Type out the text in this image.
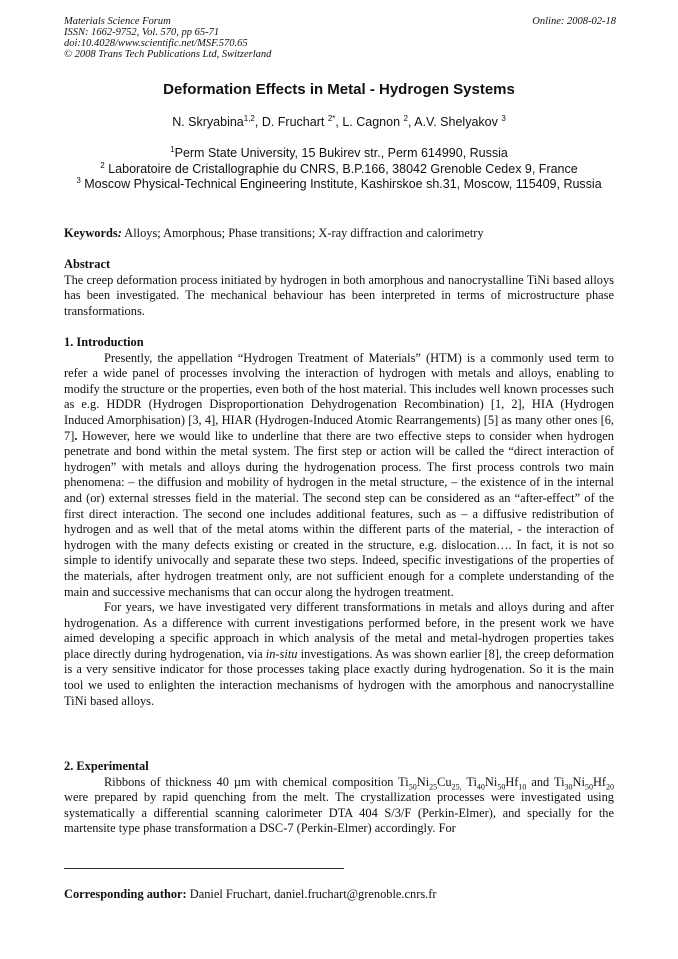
Materials Science Forum
ISSN: 1662-9752, Vol. 570, pp 65-71
doi:10.4028/www.scientific.net/MSF.570.65
© 2008 Trans Tech Publications Ltd, Switzerland
Online: 2008-02-18
Deformation Effects in Metal - Hydrogen Systems
N. Skryabina$^{1,2}$, D. Fruchart $^{2*}$, L. Cagnon $^2$, A.V. Shelyakov $^3$
$^1$Perm State University, 15 Bukirev str., Perm 614990, Russia
$^2$ Laboratoire de Cristallographie du CNRS, B.P.166, 38042 Grenoble Cedex 9, France
$^3$ Moscow Physical-Technical Engineering Institute, Kashirskoe sh.31, Moscow, 115409, Russia
Keywords: Alloys; Amorphous; Phase transitions; X-ray diffraction and calorimetry
Abstract

The creep deformation process initiated by hydrogen in both amorphous and nanocrystalline TiNi based alloys has been investigated. The mechanical behaviour has been interpreted in terms of microstructure phase transformations.

1. Introduction

Presently, the appellation “Hydrogen Treatment of Materials” (HTM) is a commonly used term to refer a wide panel of processes involving the interaction of hydrogen with metals and alloys, enabling to modify the structure or the properties, even both of the host material. This includes well known processes such as e.g. HDDR (Hydrogen Disproportionation Dehydrogenation Recombination) [1, 2], HIA (Hydrogen Induced Amorphisation) [3, 4], HIAR (Hydrogen-Induced Atomic Rearrangements) [5] as many other ones [6, 7]. However, here we would like to underline that there are two effective steps to consider when hydrogen penetrate and bond within the metal system. The first step or action will be called the “direct interaction of hydrogen” with metals and alloys during the hydrogenation process. The first process controls two main phenomena: – the diffusion and mobility of hydrogen in the metal structure, – the existence of in the internal and (or) external stresses field in the material. The second step can be considered as an “after-effect” of the first direct interaction. The second one includes additional features, such as – a diffusive redistribution of hydrogen and as well that of the metal atoms within the different parts of the material, - the interaction of hydrogen with the many defects existing or created in the structure, e.g. dislocation…. In fact, it is not so simple to identify univocally and separate these two steps. Indeed, specific investigations of the properties of the materials, after hydrogen treatment only, are not sufficient enough for a complete understanding of the main and successive mechanisms that can occur along the hydrogen treatment.

For years, we have investigated very different transformations in metals and alloys during and after hydrogenation. As a difference with current investigations performed before, in the present work we have aimed developing a specific approach in which analysis of the metal and metal-hydrogen properties takes place directly during hydrogenation, via in-situ investigations. As was shown earlier [8], the creep deformation is a very sensitive indicator for those processes taking place exactly during hydrogenation. So it is the main tool we used to enlighten the interaction mechanisms of hydrogen with the amorphous and nanocrystalline TiNi based alloys.

2. Experimental

Ribbons of thickness 40 µm with chemical composition $Ti_{50}Ni_{25}Cu_{25,}$ $Ti_{40}Ni_{50}Hf_{10}$ and $Ti_{30}Ni_{50}Hf_{20}$ were prepared by rapid quenching from the melt. The crystallization processes were investigated using systematically a differential scanning calorimeter DTA 404 S/3/F (Perkin-Elmer), and specially for the martensite type phase transformation a DSC-7 (Perkin-Elmer) accordingly. For

Corresponding author: Daniel Fruchart, daniel.fruchart@grenoble.cnrs.fr
